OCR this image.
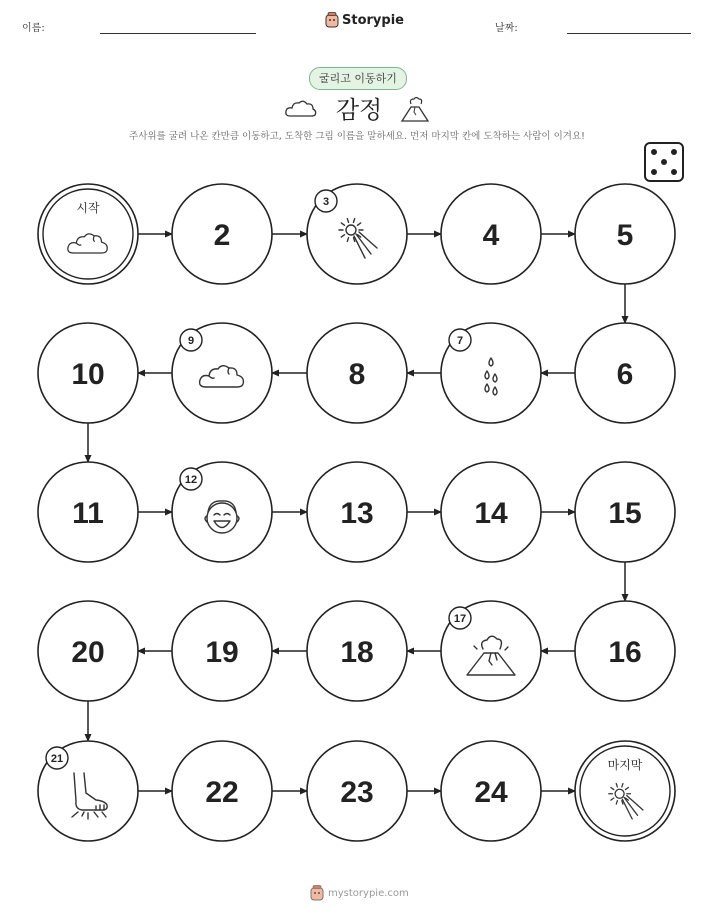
이름:
Storypie
날짜:
굴리고 이동하기
감정
주사위를 굴려 나온 칸만큼 이동하고, 도착한 그림 이름을 말하세요. 먼저 마지막 칸에 도착하는 사람이 이겨요!
시작
2
3
4	5
6
7
8
9
10
11
12
13	14	15
16
17
18
19
20
21
22	23	24
마지막
mystorypie.com
